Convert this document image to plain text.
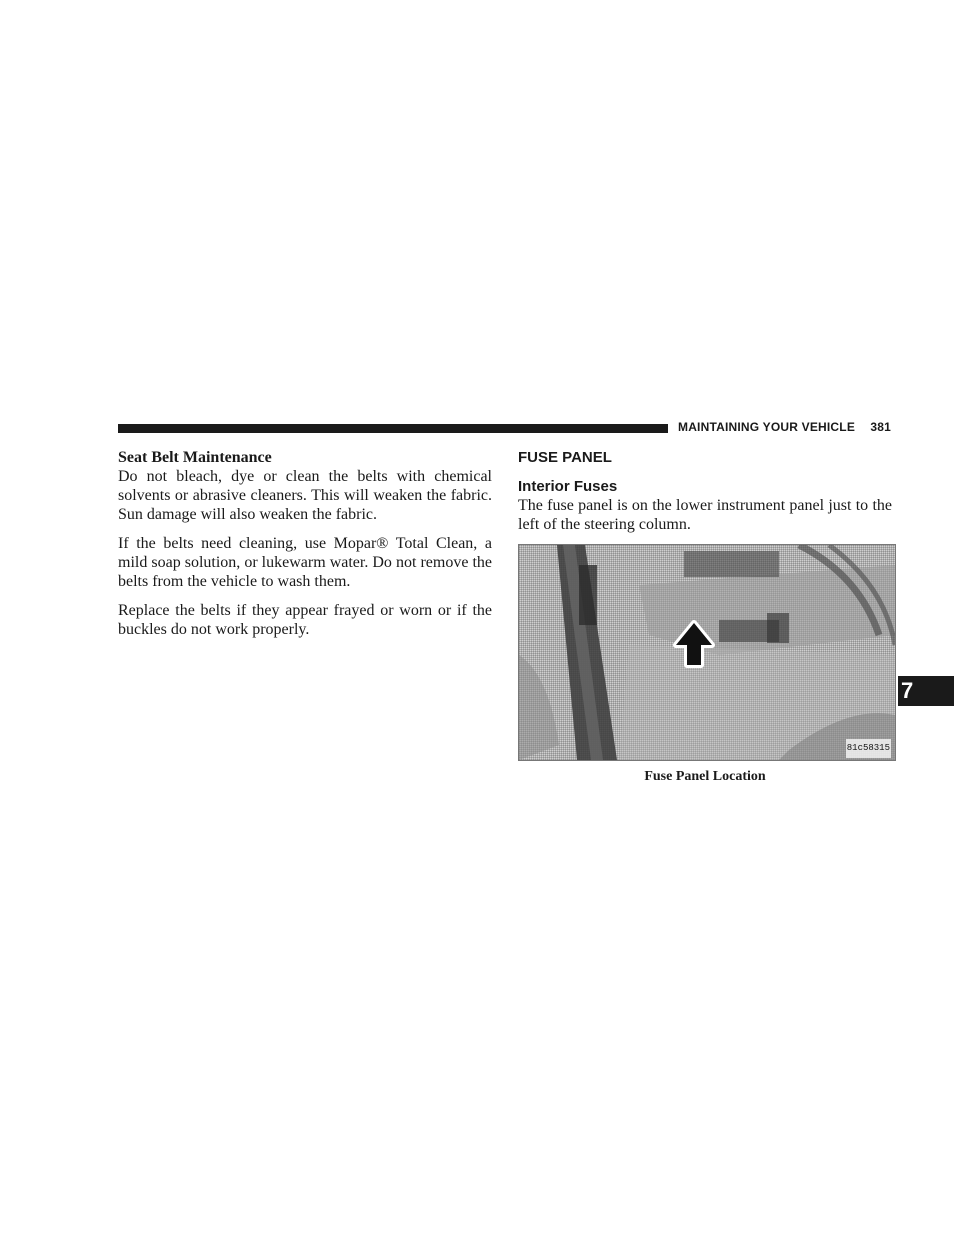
MAINTAINING YOUR VEHICLE 381

Seat Belt Maintenance

Do not bleach, dye or clean the belts with chemical solvents or abrasive cleaners. This will weaken the fabric. Sun damage will also weaken the fabric.

If the belts need cleaning, use Mopar® Total Clean, a mild soap solution, or lukewarm water. Do not remove the belts from the vehicle to wash them.

Replace the belts if they appear frayed or worn or if the buckles do not work properly.

FUSE PANEL

Interior Fuses

The fuse panel is on the lower instrument panel just to the left of the steering column.

81c58315

Fuse Panel Location

7
